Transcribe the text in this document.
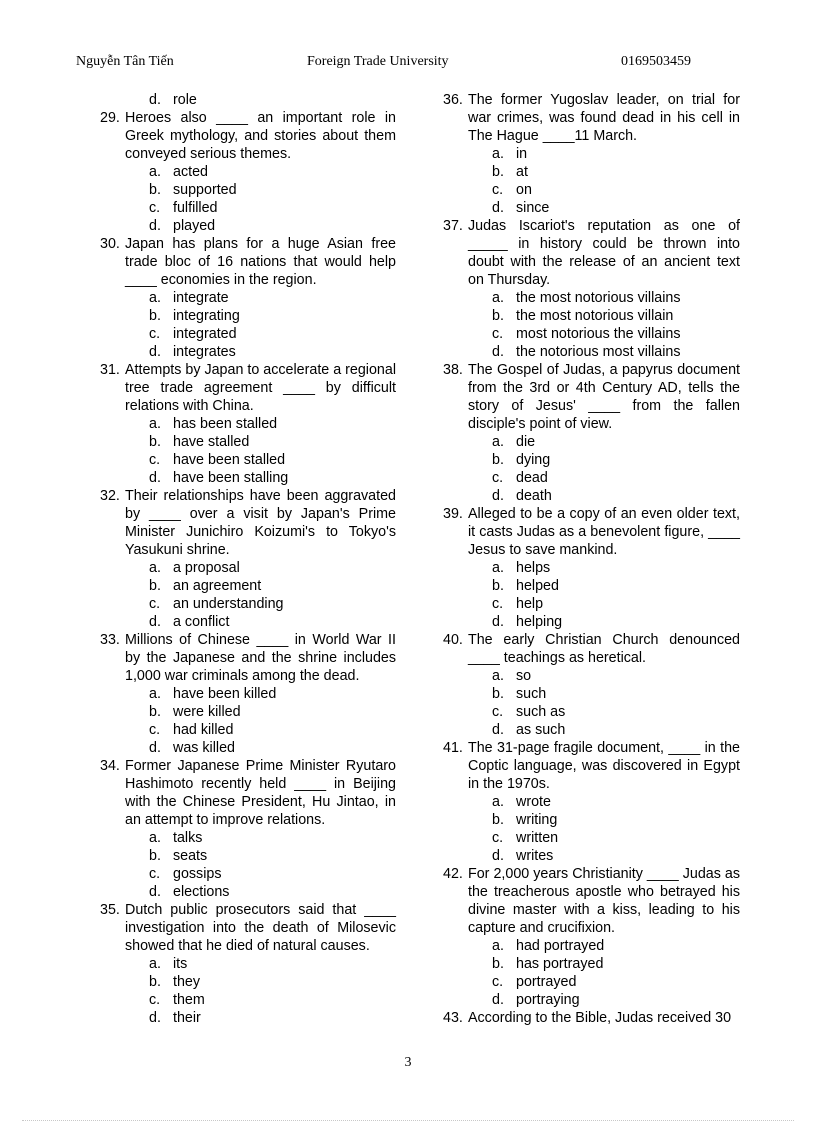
Nguyễn Tân Tiến	Foreign Trade University	0169503459
d. role
29. Heroes also ____ an important role in Greek mythology, and stories about them conveyed serious themes.
a. acted
b. supported
c. fulfilled
d. played
30. Japan has plans for a huge Asian free trade bloc of 16 nations that would help ____ economies in the region.
a. integrate
b. integrating
c. integrated
d. integrates
31. Attempts by Japan to accelerate a regional tree trade agreement ____ by difficult relations with China.
a. has been stalled
b. have stalled
c. have been stalled
d. have been stalling
32. Their relationships have been aggravated by ____ over a visit by Japan's Prime Minister Junichiro Koizumi's to Tokyo's Yasukuni shrine.
a. a proposal
b. an agreement
c. an understanding
d. a conflict
33. Millions of Chinese ____ in World War II by the Japanese and the shrine includes 1,000 war criminals among the dead.
a. have been killed
b. were killed
c. had killed
d. was killed
34. Former Japanese Prime Minister Ryutaro Hashimoto recently held ____ in Beijing with the Chinese President, Hu Jintao, in an attempt to improve relations.
a. talks
b. seats
c. gossips
d. elections
35. Dutch public prosecutors said that ____ investigation into the death of Milosevic showed that he died of natural causes.
a. its
b. they
c. them
d. their
36. The former Yugoslav leader, on trial for war crimes, was found dead in his cell in The Hague ____11 March.
a. in
b. at
c. on
d. since
37. Judas Iscariot's reputation as one of _____ in history could be thrown into doubt with the release of an ancient text on Thursday.
a. the most notorious villains
b. the most notorious villain
c. most notorious the villains
d. the notorious most villains
38. The Gospel of Judas, a papyrus document from the 3rd or 4th Century AD, tells the story of Jesus' ____ from the fallen disciple's point of view.
a. die
b. dying
c. dead
d. death
39. Alleged to be a copy of an even older text, it casts Judas as a benevolent figure, ____ Jesus to save mankind.
a. helps
b. helped
c. help
d. helping
40. The early Christian Church denounced ____ teachings as heretical.
a. so
b. such
c. such as
d. as such
41. The 31-page fragile document, ____ in the Coptic language, was discovered in Egypt in the 1970s.
a. wrote
b. writing
c. written
d. writes
42. For 2,000 years Christianity ____ Judas as the treacherous apostle who betrayed his divine master with a kiss, leading to his capture and crucifixion.
a. had portrayed
b. has portrayed
c. portrayed
d. portraying
43. According to the Bible, Judas received 30
3
